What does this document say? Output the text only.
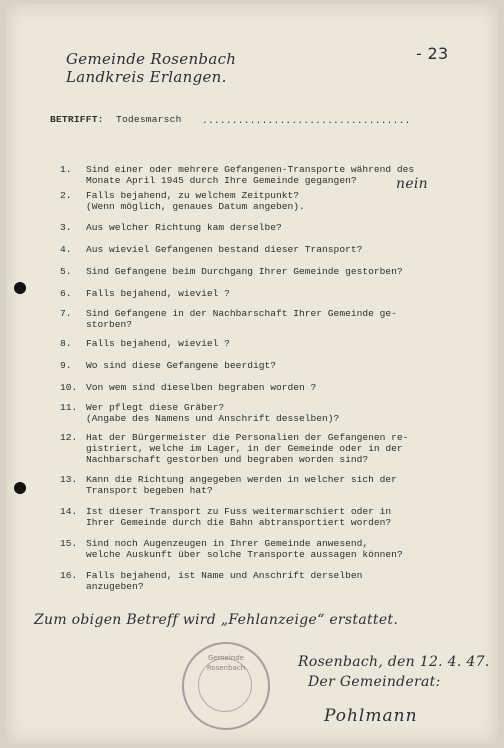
Gemeinde Rosenbach
Landkreis Erlangen.
- 23
BETRIFFT: Todesmarsch ...................................
1. Sind einer oder mehrere Gefangenen-Transporte während des
Monate April 1945 durch Ihre Gemeinde gegangen?
2. Falls bejahend, zu welchem Zeitpunkt?
(Wenn möglich, genaues Datum angeben).
3. Aus welcher Richtung kam derselbe?
4. Aus wieviel Gefangenen bestand dieser Transport?
5. Sind Gefangene beim Durchgang Ihrer Gemeinde gestorben?
6. Falls bejahend, wieviel ?
7. Sind Gefangene in der Nachbarschaft Ihrer Gemeinde ge-
storben?
8. Falls bejahend, wieviel ?
9. Wo sind diese Gefangene beerdigt?
10. Von wem sind dieselben begraben worden ?
11. Wer pflegt diese Gräber?
(Angabe des Namens und Anschrift desselben)?
12. Hat der Bürgermeister die Personalien der Gefangenen re-
gistriert, welche im Lager, in der Gemeinde oder in der
Nachbarschaft gestorben und begraben worden sind?
13. Kann die Richtung angegeben werden in welcher sich der
Transport begeben hat?
14. Ist dieser Transport zu Fuss weitermarschiert oder in
Ihrer Gemeinde durch die Bahn abtransportiert worden?
15. Sind noch Augenzeugen in Ihrer Gemeinde anwesend,
welche Auskunft über solche Transporte aussagen können?
16. Falls bejahend, ist Name und Anschrift derselben
anzugeben?
nein
Zum obigen Betreff wird „Fehlanzeige“ erstattet.
Gemeinde
Rosenbach	Rosenbach, den 12. 4. 47.
Der Gemeinderat:
Pohlmann
